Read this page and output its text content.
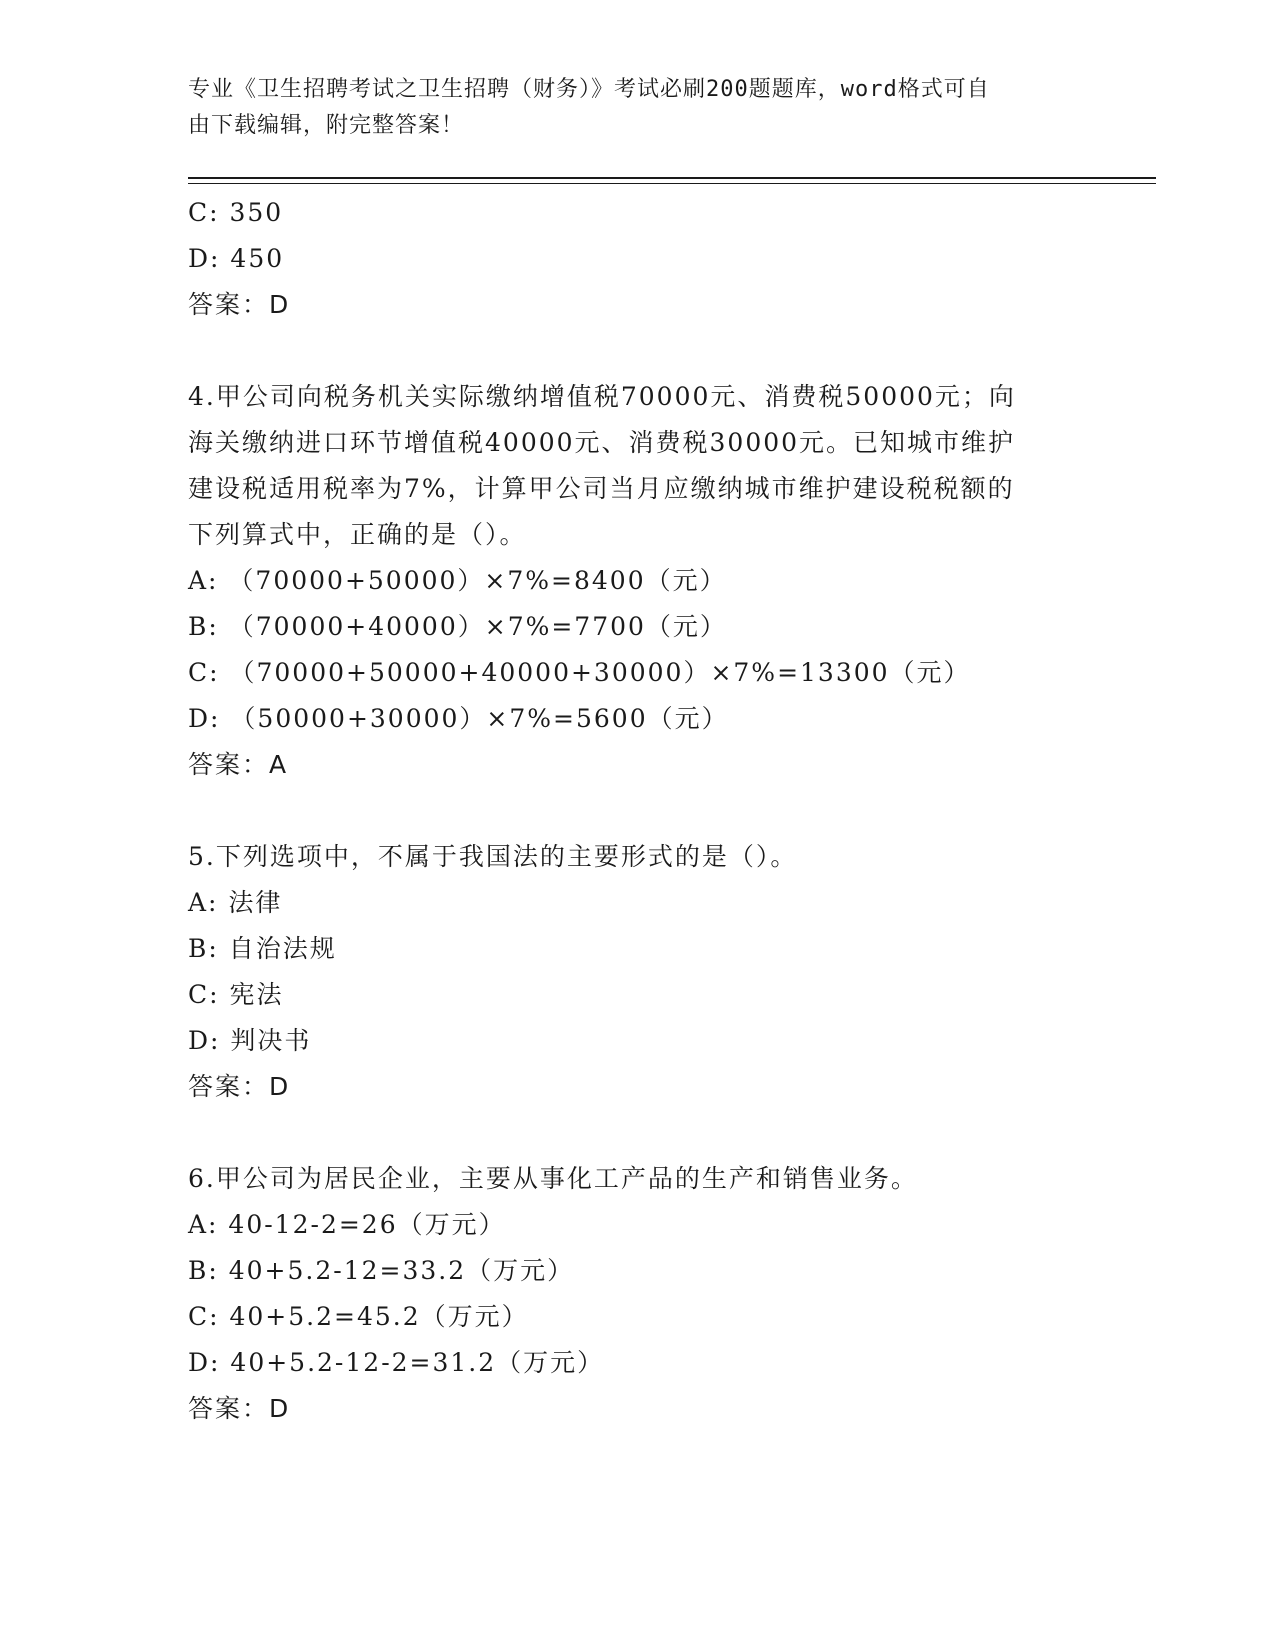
专业《卫生招聘考试之卫生招聘（财务）》考试必刷200题题库，word格式可自
由下载编辑，附完整答案！
C: 350
D: 450
答案：D
4.甲公司向税务机关实际缴纳增值税70000元、消费税50000元；向
海关缴纳进口环节增值税40000元、消费税30000元。已知城市维护
建设税适用税率为7%，计算甲公司当月应缴纳城市维护建设税税额的
下列算式中，正确的是（）。
A: （70000+50000）×7%=8400（元）
B: （70000+40000）×7%=7700（元）
C: （70000+50000+40000+30000）×7%=13300（元）
D: （50000+30000）×7%=5600（元）
答案：A
5.下列选项中，不属于我国法的主要形式的是（）。
A: 法律
B: 自治法规
C: 宪法
D: 判决书
答案：D
6.甲公司为居民企业，主要从事化工产品的生产和销售业务。
A: 40-12-2=26（万元）
B: 40+5.2-12=33.2（万元）
C: 40+5.2=45.2（万元）
D: 40+5.2-12-2=31.2（万元）
答案：D
